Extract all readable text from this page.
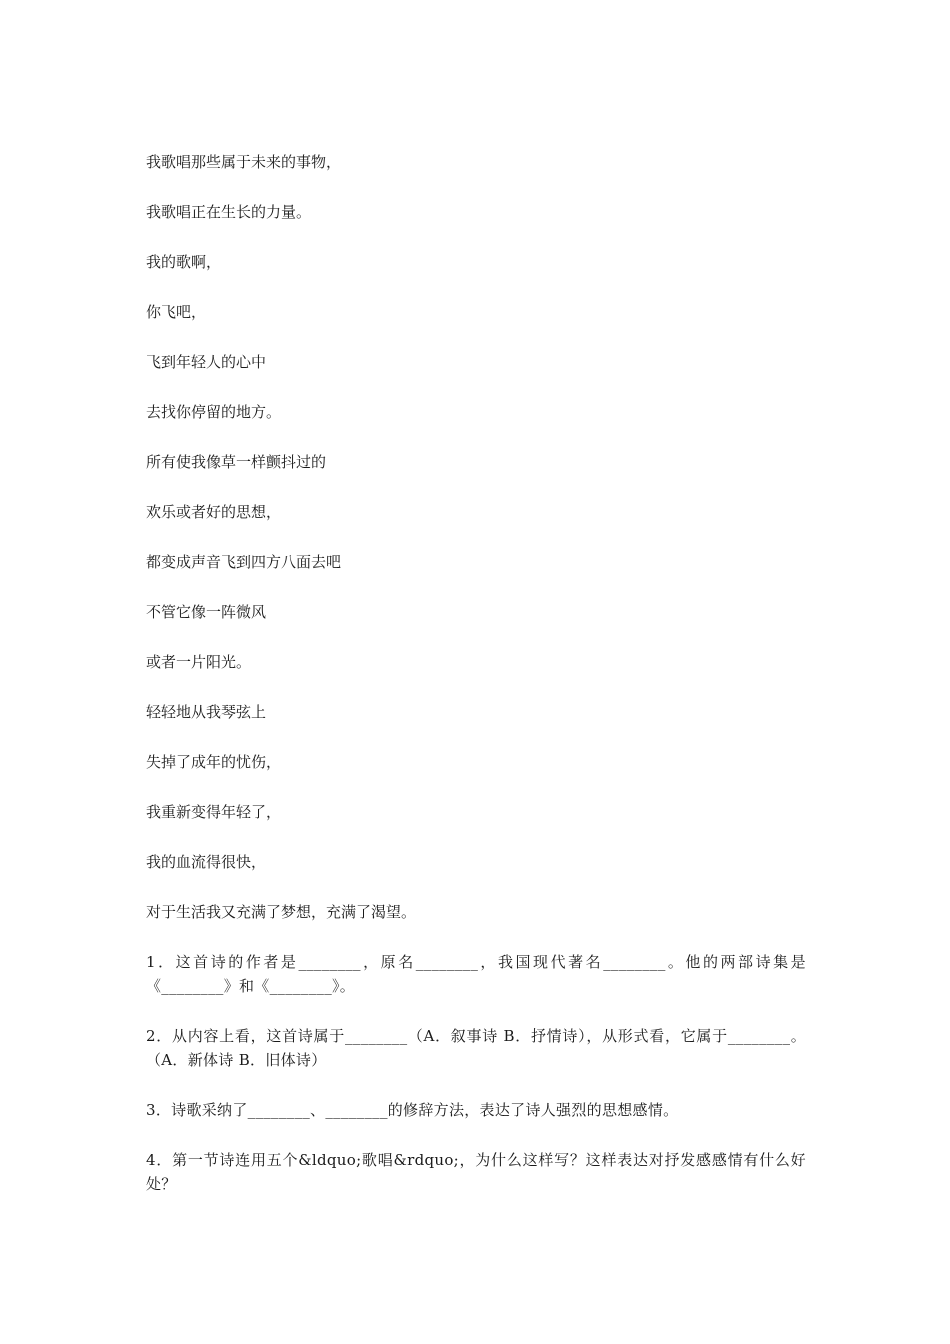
我歌唱那些属于未来的事物，

我歌唱正在生长的力量。

我的歌啊，

你飞吧，

飞到年轻人的心中

去找你停留的地方。

所有使我像草一样颤抖过的

欢乐或者好的思想，

都变成声音飞到四方八面去吧

不管它像一阵微风

或者一片阳光。

轻轻地从我琴弦上

失掉了成年的忧伤，

我重新变得年轻了，

我的血流得很快，

对于生活我又充满了梦想，充满了渴望。

1．这首诗的作者是________，原名________，我国现代著名________。他的两部诗集是《________》和《________》。

2．从内容上看，这首诗属于________（A．叙事诗 B．抒情诗），从形式看，它属于________。（A．新体诗 B．旧体诗）

3．诗歌采纳了________、________的修辞方法，表达了诗人强烈的思想感情。

4．第一节诗连用五个&ldquo;歌唱&rdquo;，为什么这样写？这样表达对抒发感感情有什么好处？
